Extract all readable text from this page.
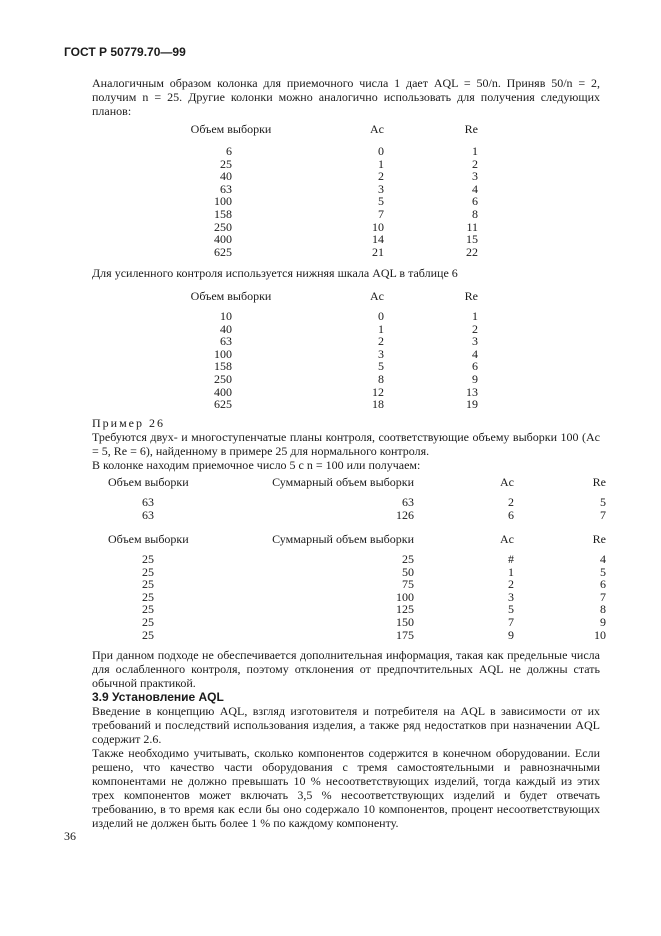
ГОСТ Р 50779.70—99

Аналогичным образом колонка для приемочного числа 1 дает AQL = 50/n. Приняв 50/n = 2, получим n = 25. Другие колонки можно аналогично использовать для получения следующих планов:

Объем выборки	Ac	Re
6	0	1
25	1	2
40	2	3
63	3	4
100	5	6
158	7	8
250	10	11
400	14	15
625	21	22

Для усиленного контроля используется нижняя шкала AQL в таблице 6

Объем выборки	Ac	Re
10	0	1
40	1	2
63	2	3
100	3	4
158	5	6
250	8	9
400	12	13
625	18	19

Пример 26

Требуются двух- и многоступенчатые планы контроля, соответствующие объему выборки 100 (Ac = 5, Re = 6), найденному в примере 25 для нормального контроля.

В колонке находим приемочное число 5 с n = 100 или получаем:

Объем выборки	Суммарный объем выборки	Ac	Re
63	63	2	5
63	126	6	7
Объем выборки	Суммарный объем выборки	Ac	Re
25	25	#	4
25	50	1	5
25	75	2	6
25	100	3	7
25	125	5	8
25	150	7	9
25	175	9	10

При данном подходе не обеспечивается дополнительная информация, такая как предельные числа для ослабленного контроля, поэтому отклонения от предпочтительных AQL не должны стать обычной практикой.

3.9 Установление AQL

Введение в концепцию AQL, взгляд изготовителя и потребителя на AQL в зависимости от их требований и последствий использования изделия, а также ряд недостатков при назначении AQL содержит 2.6.

Также необходимо учитывать, сколько компонентов содержится в конечном оборудовании. Если решено, что качество части оборудования с тремя самостоятельными и равнозначными компонентами не должно превышать 10 % несоответствующих изделий, тогда каждый из этих трех компонентов может включать 3,5 % несоответствующих изделий и будет отвечать требованию, в то время как если бы оно содержало 10 компонентов, процент несоответствующих изделий не должен быть более 1 % по каждому компоненту.

36
